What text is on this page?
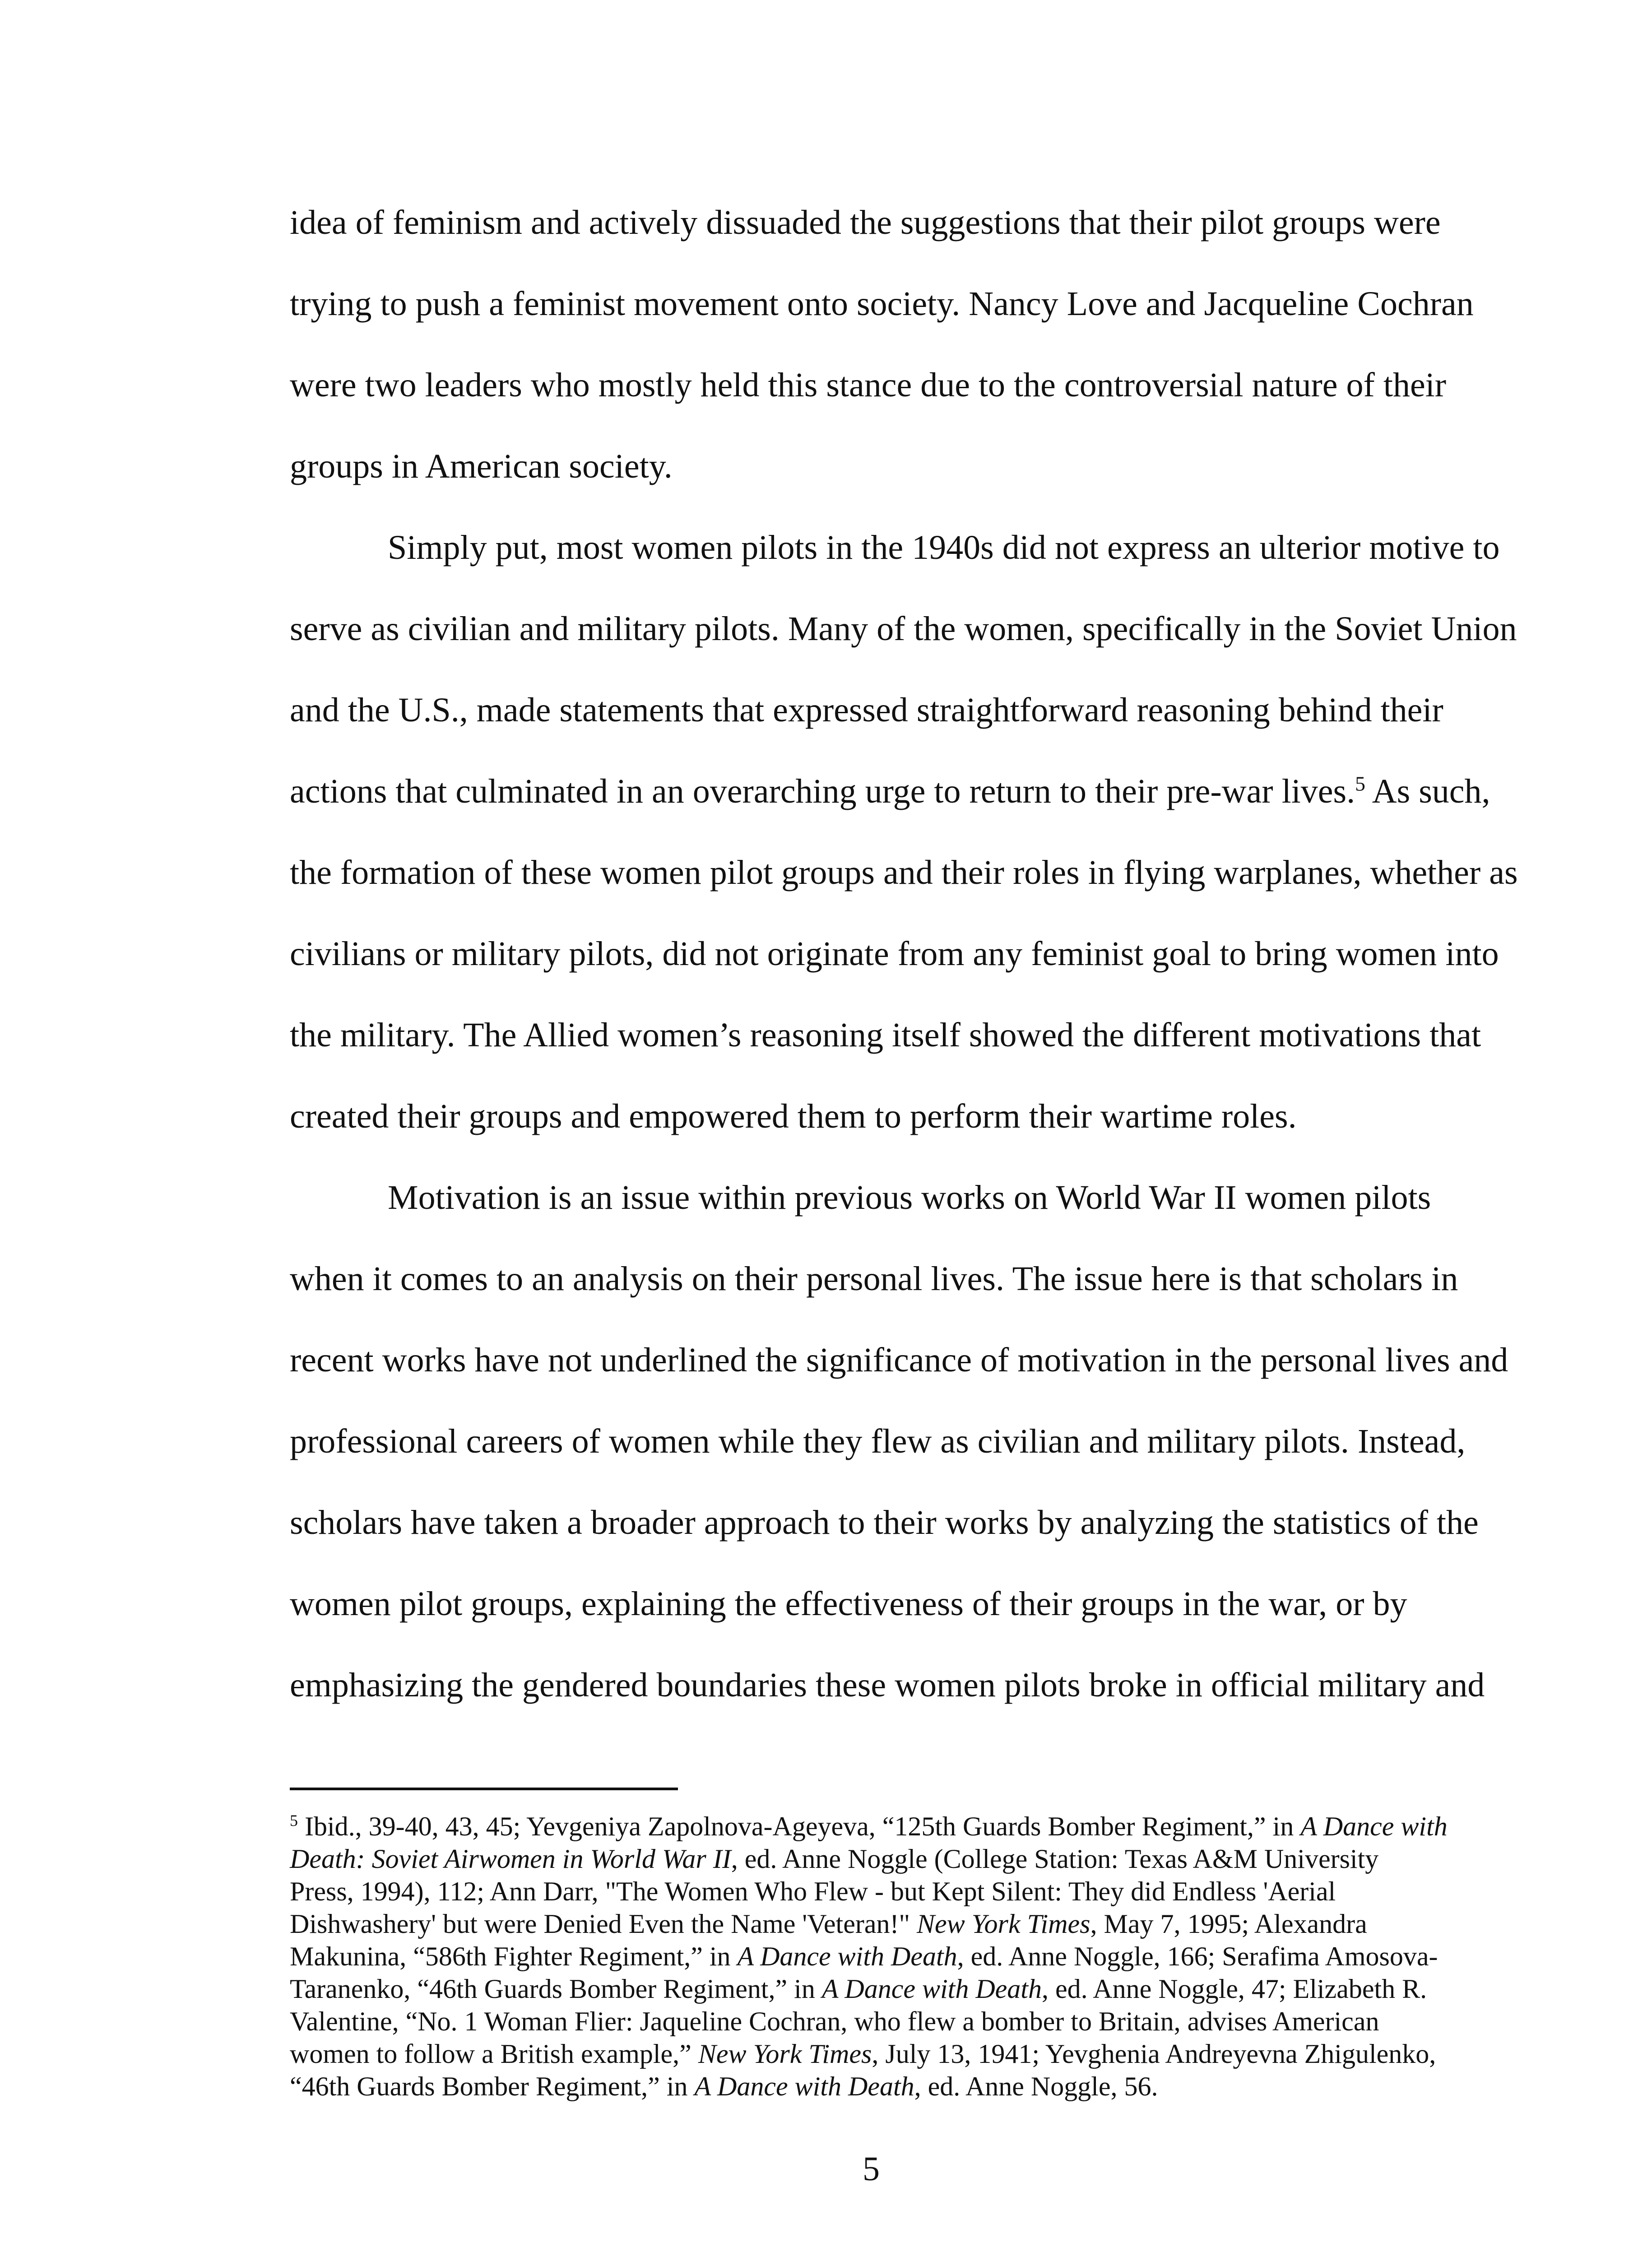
idea of feminism and actively dissuaded the suggestions that their pilot groups were
trying to push a feminist movement onto society. Nancy Love and Jacqueline Cochran
were two leaders who mostly held this stance due to the controversial nature of their
groups in American society.
Simply put, most women pilots in the 1940s did not express an ulterior motive to
serve as civilian and military pilots. Many of the women, specifically in the Soviet Union
and the U.S., made statements that expressed straightforward reasoning behind their
actions that culminated in an overarching urge to return to their pre-war lives.$^5$ As such,
the formation of these women pilot groups and their roles in flying warplanes, whether as
civilians or military pilots, did not originate from any feminist goal to bring women into
the military. The Allied women’s reasoning itself showed the different motivations that
created their groups and empowered them to perform their wartime roles.
Motivation is an issue within previous works on World War II women pilots
when it comes to an analysis on their personal lives. The issue here is that scholars in
recent works have not underlined the significance of motivation in the personal lives and
professional careers of women while they flew as civilian and military pilots. Instead,
scholars have taken a broader approach to their works by analyzing the statistics of the
women pilot groups, explaining the effectiveness of their groups in the war, or by
emphasizing the gendered boundaries these women pilots broke in official military and
$^5$ Ibid., 39-40, 43, 45; Yevgeniya Zapolnova-Ageyeva, “125th Guards Bomber Regiment,” in A Dance with
Death: Soviet Airwomen in World War II, ed. Anne Noggle (College Station: Texas A&M University
Press, 1994), 112; Ann Darr, "The Women Who Flew - but Kept Silent: They did Endless 'Aerial
Dishwashery' but were Denied Even the Name 'Veteran!" New York Times, May 7, 1995; Alexandra
Makunina, “586th Fighter Regiment,” in A Dance with Death, ed. Anne Noggle, 166; Serafima Amosova-
Taranenko, “46th Guards Bomber Regiment,” in A Dance with Death, ed. Anne Noggle, 47; Elizabeth R.
Valentine, “No. 1 Woman Flier: Jaqueline Cochran, who flew a bomber to Britain, advises American
women to follow a British example,” New York Times, July 13, 1941; Yevghenia Andreyevna Zhigulenko,
“46th Guards Bomber Regiment,” in A Dance with Death, ed. Anne Noggle, 56.
5
